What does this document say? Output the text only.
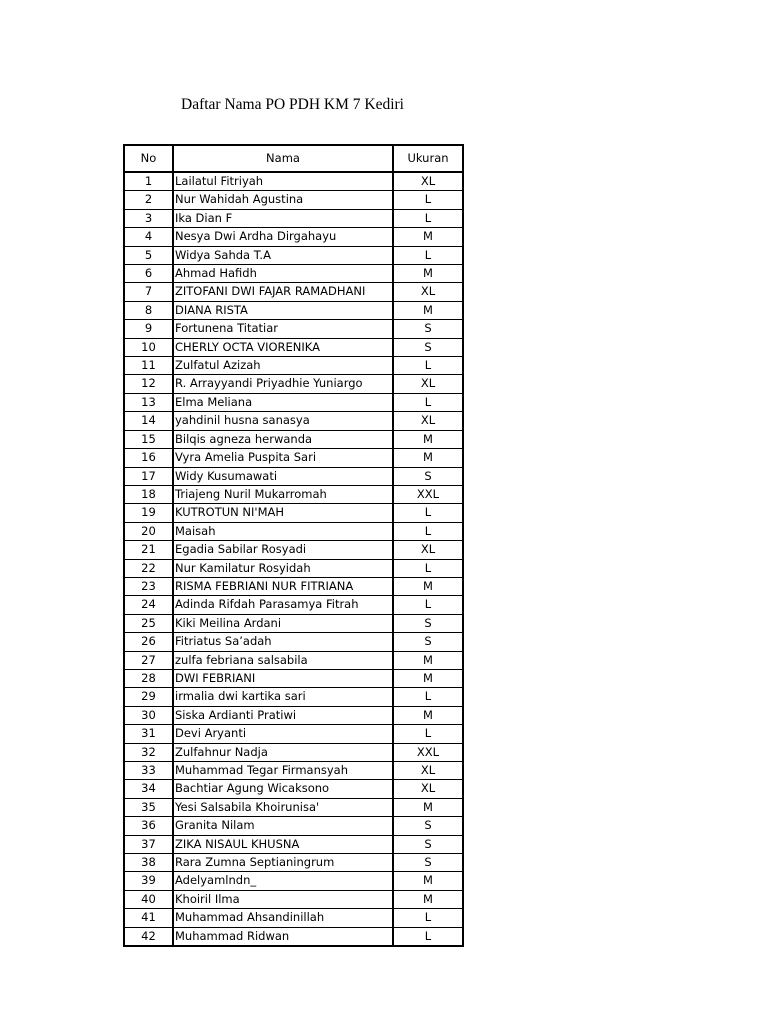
Daftar Nama PO PDH KM 7 Kediri
No	Nama	Ukuran
1	Lailatul Fitriyah	XL
2	Nur Wahidah Agustina	L
3	Ika Dian F	L
4	Nesya Dwi Ardha Dirgahayu	M
5	Widya Sahda T.A	L
6	Ahmad Hafidh	M
7	ZITOFANI DWI FAJAR RAMADHANI	XL
8	DIANA RISTA	M
9	Fortunena Titatiar	S
10	CHERLY OCTA VIORENIKA	S
11	Zulfatul Azizah	L
12	R. Arrayyandi Priyadhie Yuniargo	XL
13	Elma Meliana	L
14	yahdinil husna sanasya	XL
15	Bilqis agneza herwanda	M
16	Vyra Amelia Puspita Sari	M
17	Widy Kusumawati	S
18	Triajeng Nuril Mukarromah	XXL
19	KUTROTUN NI'MAH	L
20	Maisah	L
21	Egadia Sabilar Rosyadi	XL
22	Nur Kamilatur Rosyidah	L
23	RISMA FEBRIANI NUR FITRIANA	M
24	Adinda Rifdah Parasamya Fitrah	L
25	Kiki Meilina Ardani	S
26	Fitriatus Sa’adah	S
27	zulfa febriana salsabila	M
28	DWI FEBRIANI	M
29	irmalia dwi kartika sari	L
30	Siska Ardianti Pratiwi	M
31	Devi Aryanti	L
32	Zulfahnur Nadja	XXL
33	Muhammad Tegar Firmansyah	XL
34	Bachtiar Agung Wicaksono	XL
35	Yesi Salsabila Khoirunisa'	M
36	Granita Nilam	S
37	ZIKA NISAUL KHUSNA	S
38	Rara Zumna Septianingrum	S
39	Adelyamlndn_	M
40	Khoiril Ilma	M
41	Muhammad Ahsandinillah	L
42	Muhammad Ridwan	L
